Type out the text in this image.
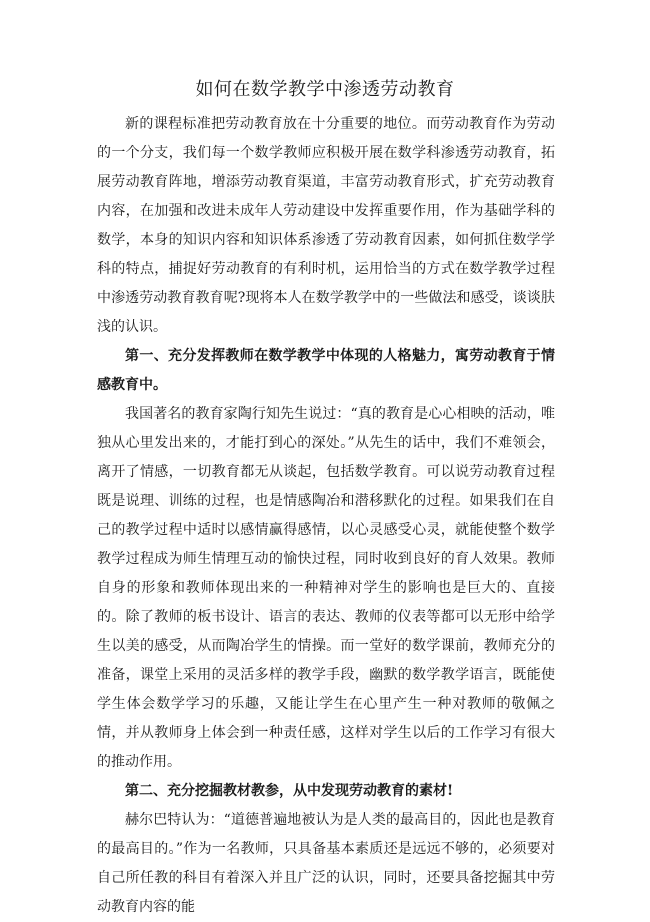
如何在数学教学中渗透劳动教育

新的课程标准把劳动教育放在十分重要的地位。而劳动教育作为劳动的一个分支，我们每一个数学教师应积极开展在数学科渗透劳动教育，拓展劳动教育阵地，增添劳动教育渠道，丰富劳动教育形式，扩充劳动教育内容，在加强和改进未成年人劳动建设中发挥重要作用，作为基础学科的数学，本身的知识内容和知识体系渗透了劳动教育因素，如何抓住数学学科的特点，捕捉好劳动教育的有利时机，运用恰当的方式在数学教学过程中渗透劳动教育教育呢?现将本人在数学教学中的一些做法和感受，谈谈肤浅的认识。

第一、充分发挥教师在数学教学中体现的人格魅力，寓劳动教育于情感教育中。

我国著名的教育家陶行知先生说过：“真的教育是心心相映的活动，唯独从心里发出来的，才能打到心的深处。”从先生的话中，我们不难领会，离开了情感，一切教育都无从谈起，包括数学教育。可以说劳动教育过程既是说理、训练的过程，也是情感陶冶和潜移默化的过程。如果我们在自己的教学过程中适时以感情赢得感情，以心灵感受心灵，就能使整个数学教学过程成为师生情理互动的愉快过程，同时收到良好的育人效果。教师自身的形象和教师体现出来的一种精神对学生的影响也是巨大的、直接的。除了教师的板书设计、语言的表达、教师的仪表等都可以无形中给学生以美的感受，从而陶冶学生的情操。而一堂好的数学课前，教师充分的准备，课堂上采用的灵活多样的教学手段，幽默的数学教学语言，既能使学生体会数学学习的乐趣，又能让学生在心里产生一种对教师的敬佩之情，并从教师身上体会到一种责任感，这样对学生以后的工作学习有很大的推动作用。

第二、充分挖掘教材教参，从中发现劳动教育的素材!

赫尔巴特认为：“道德普遍地被认为是人类的最高目的，因此也是教育的最高目的。”作为一名教师，只具备基本素质还是远远不够的，必须要对自己所任教的科目有着深入并且广泛的认识，同时，还要具备挖掘其中劳动教育内容的能
